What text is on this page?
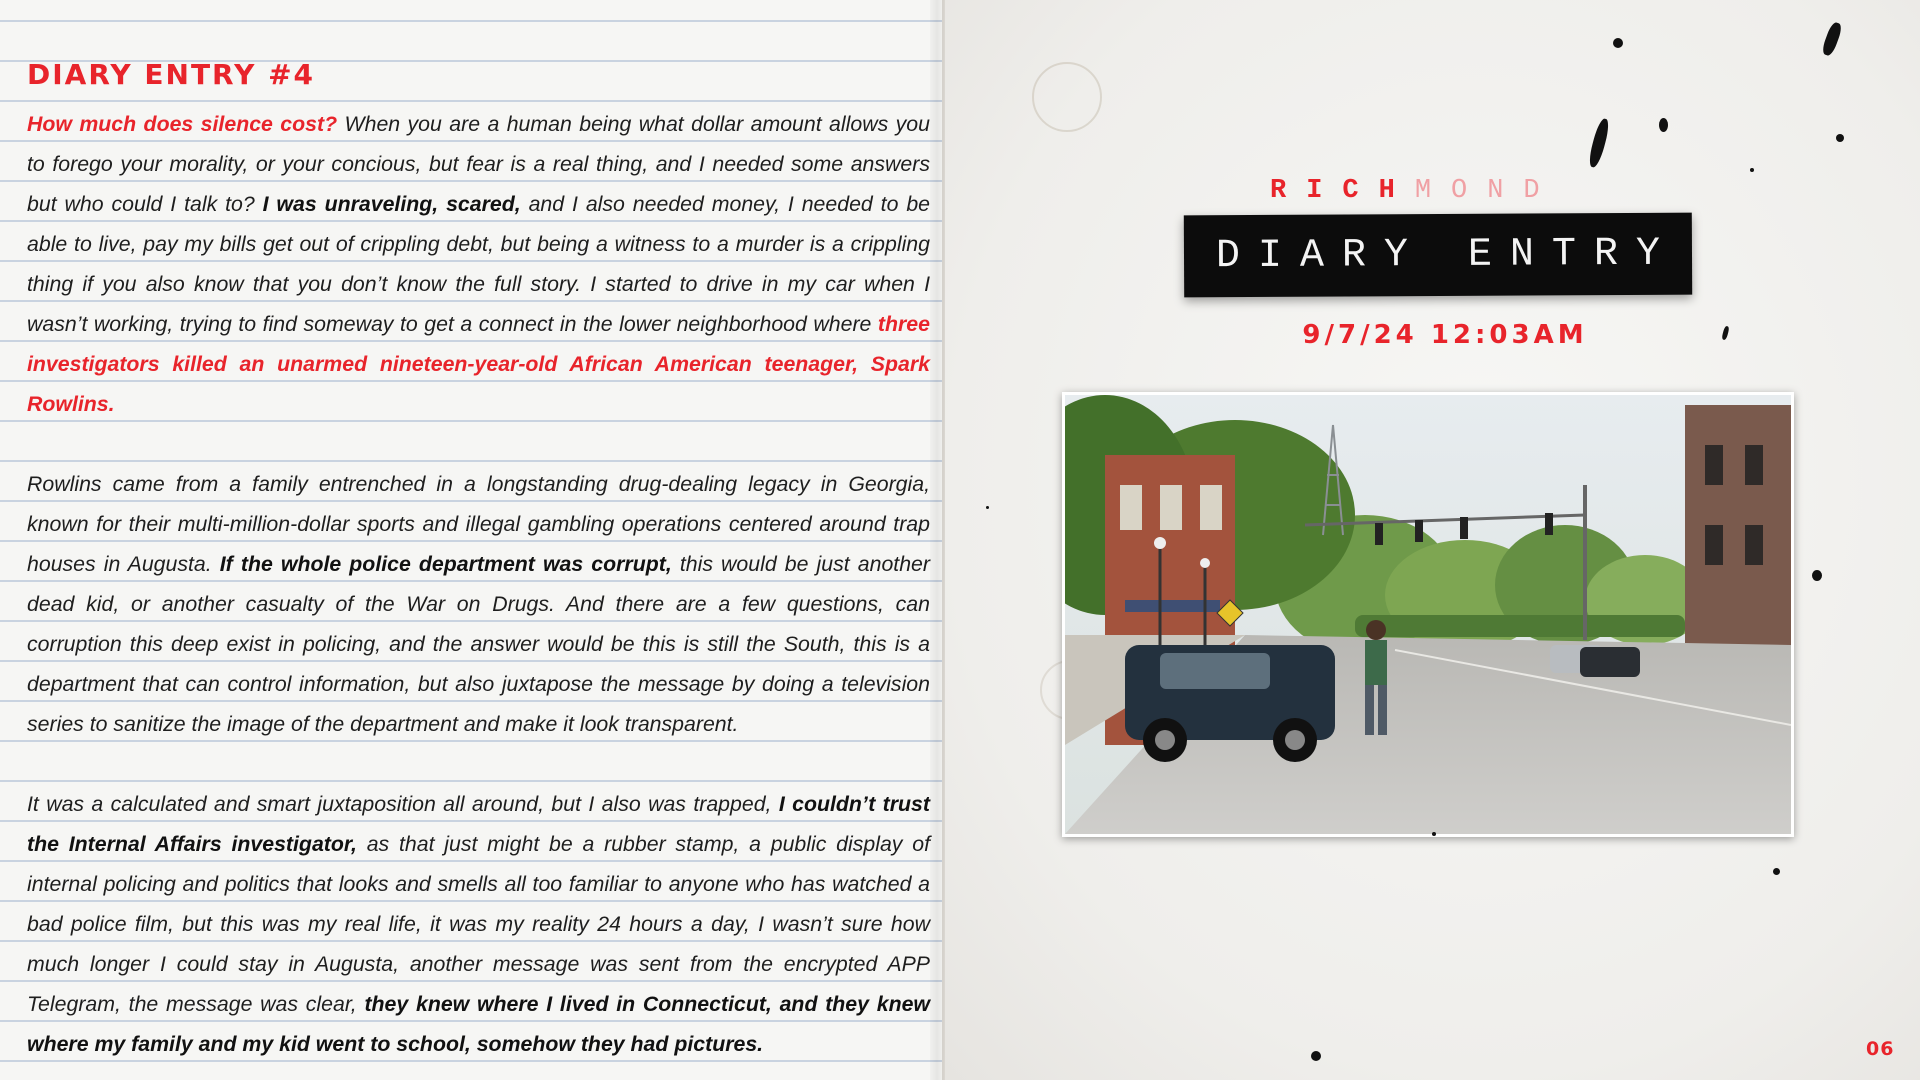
DIARY ENTRY #4

How much does silence cost? When you are a human being what dollar amount allows you to forego your morality, or your concious, but fear is a real thing, and I needed some answers but who could I talk to? I was unraveling, scared, and I also needed money, I needed to be able to live, pay my bills get out of crippling debt, but being a witness to a murder is a crippling thing if you also know that you don’t know the full story. I started to drive in my car when I wasn’t working, trying to find someway to get a connect in the lower neighborhood where three investigators killed an unarmed nineteen-year-old African American teenager, Spark Rowlins.

Rowlins came from a family entrenched in a longstanding drug-dealing legacy in Georgia, known for their multi-million-dollar sports and illegal gambling operations centered around trap houses in Augusta. If the whole police department was corrupt, this would be just another dead kid, or another casualty of the War on Drugs. And there are a few questions, can corruption this deep exist in policing, and the answer would be this is still the South, this is a department that can control information, but also juxtapose the message by doing a television series to sanitize the image of the department and make it look transparent.

It was a calculated and smart juxtaposition all around, but I also was trapped, I couldn’t trust the Internal Affairs investigator, as that just might be a rubber stamp, a public display of internal policing and politics that looks and smells all too familiar to anyone who has watched a bad police film, but this was my real life, it was my reality 24 hours a day, I wasn’t sure how much longer I could stay in Augusta, another message was sent from the encrypted APP Telegram, the message was clear, they knew where I lived in Connecticut, and they knew where my family and my kid went to school, somehow they had pictures.

RICHMOND
DIARY ENTRY
9/7/24 12:03AM
06
